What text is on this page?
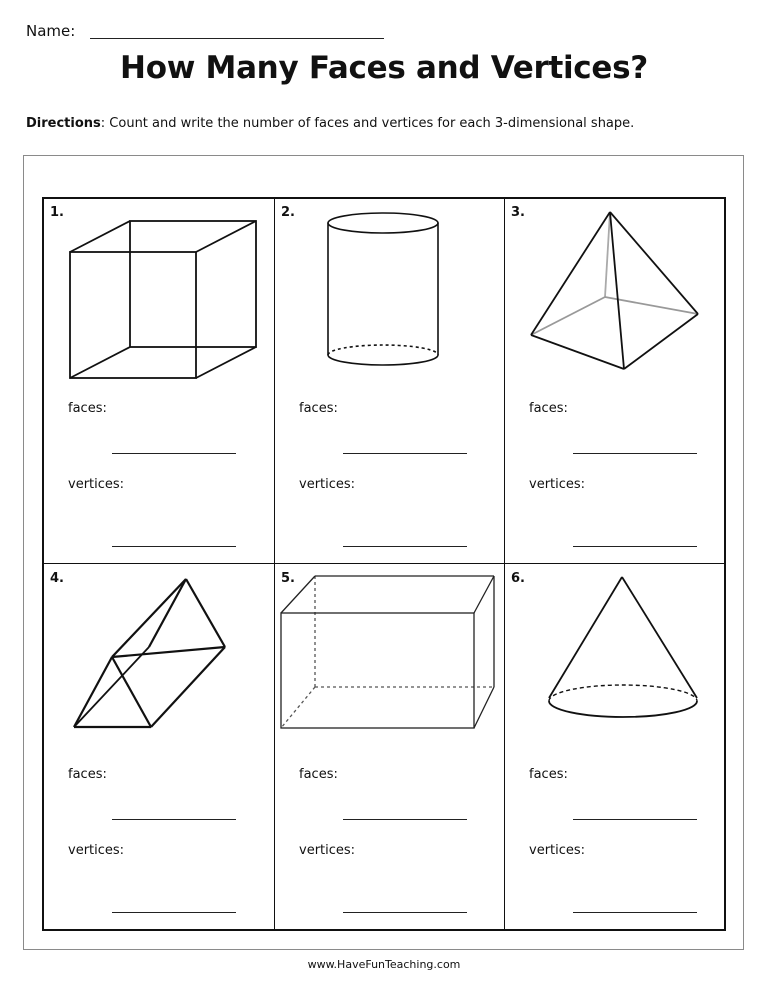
Name:
How Many Faces and Vertices?
Directions: Count and write the number of faces and vertices for each 3-dimensional shape.
1.
faces:
vertices:
2.
faces:
vertices:
3.
faces:
vertices:
4.
faces:
vertices:
5.
faces:
vertices:
6.
faces:
vertices:
www.HaveFunTeaching.com
